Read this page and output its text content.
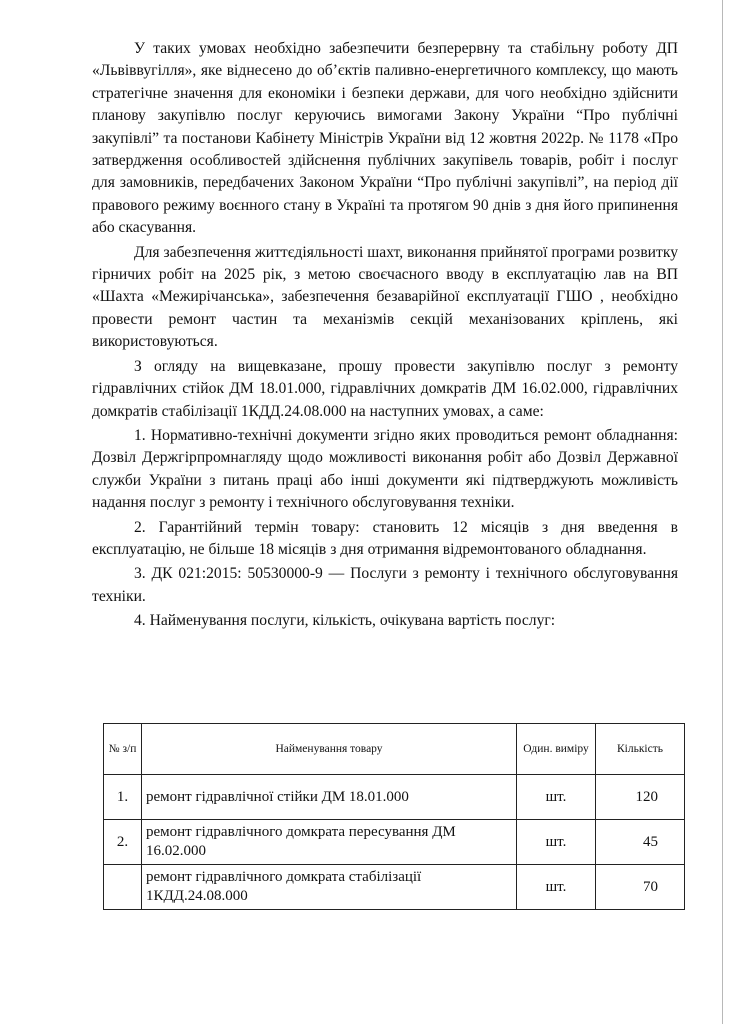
У таких умовах необхідно забезпечити безперервну та стабільну роботу ДП «Львіввугілля», яке віднесено до об’єктів паливно-енергетичного комплексу, що мають стратегічне значення для економіки і безпеки держави, для чого необхідно здійснити планову закупівлю послуг керуючись вимогами Закону України “Про публічні закупівлі” та постанови Кабінету Міністрів України від 12 жовтня 2022р. № 1178 «Про затвердження особливостей здійснення публічних закупівель товарів, робіт і послуг для замовників, передбачених Законом України “Про публічні закупівлі”, на період дії правового режиму воєнного стану в Україні та протягом 90 днів з дня його припинення або скасування.

Для забезпечення життєдіяльності шахт, виконання прийнятої програми розвитку гірничих робіт на 2025 рік, з метою своєчасного вводу в експлуатацію лав на ВП «Шахта «Межирічанська», забезпечення безаварійної експлуатації ГШО , необхідно провести ремонт частин та механізмів секцій механізованих кріплень, які використовуються.

З огляду на вищевказане, прошу провести закупівлю послуг з ремонту гідравлічних стійок ДМ 18.01.000, гідравлічних домкратів ДМ 16.02.000, гідравлічних домкратів стабілізації 1КДД.24.08.000 на наступних умовах, а саме:

1. Нормативно-технічні документи згідно яких проводиться ремонт обладнання: Дозвіл Держгірпромнагляду щодо можливості виконання робіт або Дозвіл Державної служби України з питань праці або інші документи які підтверджують можливість надання послуг з ремонту і технічного обслуговування техніки.

2. Гарантійний термін товару: становить 12 місяців з дня введення в експлуатацію, не більше 18 місяців з дня отримання відремонтованого обладнання.

3. ДК 021:2015: 50530000-9 — Послуги з ремонту і технічного обслуговування техніки.

4. Найменування послуги, кількість, очікувана вартість послуг:

№ з/п	Найменування товару	Один. виміру	Кількість
1.	ремонт гідравлічної стійки ДМ 18.01.000	шт.	120
2.	ремонт гідравлічного домкрата пересування ДМ 16.02.000	шт.	45
	ремонт гідравлічного домкрата стабілізації 1КДД.24.08.000	шт.	70
